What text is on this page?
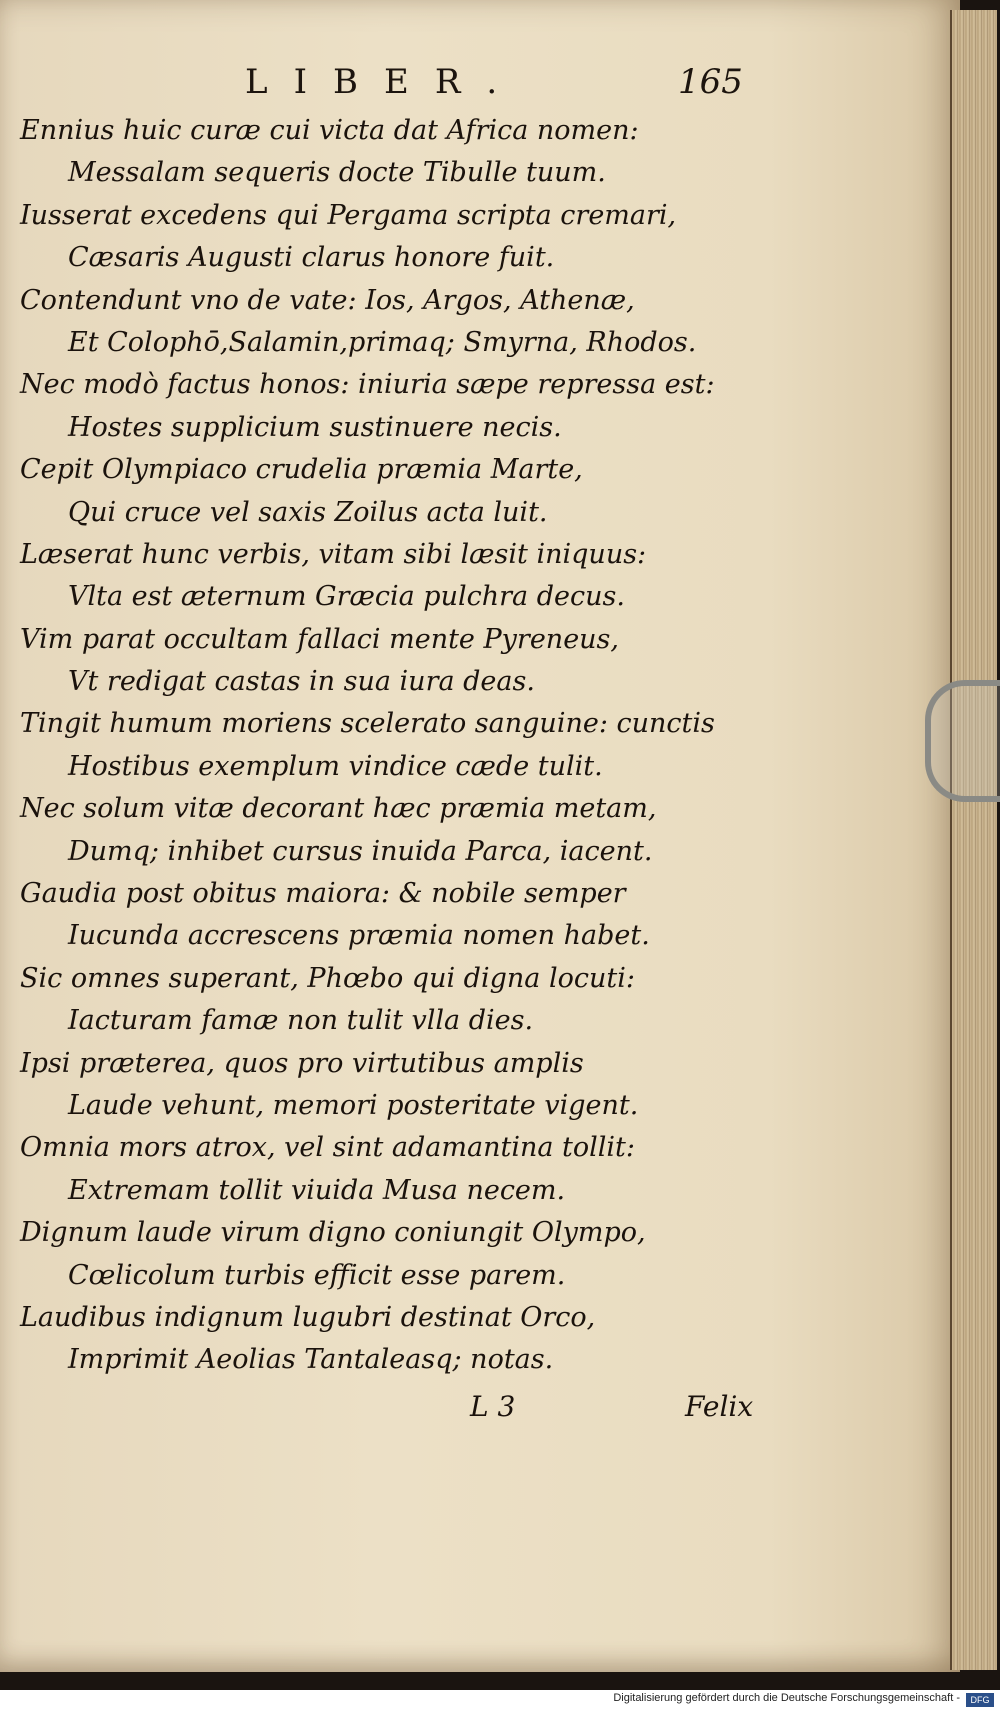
LIBER.	165
Ennius huic curæ cui victa dat Africa nomen:
Messalam sequeris docte Tibulle tuum.
Iusserat excedens qui Pergama scripta cremari,
Cæsaris Augusti clarus honore fuit.
Contendunt vno de vate: Ios, Argos, Athenæ,
Et Colophō,Salamin,primaq; Smyrna, Rhodos.
Nec modò factus honos: iniuria sæpe repressa est:
Hostes supplicium sustinuere necis.
Cepit Olympiaco crudelia præmia Marte,
Qui cruce vel saxis Zoilus acta luit.
Læserat hunc verbis, vitam sibi læsit iniquus:
Vlta est æternum Græcia pulchra decus.
Vim parat occultam fallaci mente Pyreneus,
Vt redigat castas in sua iura deas.
Tingit humum moriens scelerato sanguine: cunctis
Hostibus exemplum vindice cæde tulit.
Nec solum vitæ decorant hæc præmia metam,
Dumq; inhibet cursus inuida Parca, iacent.
Gaudia post obitus maiora: & nobile semper
Iucunda accrescens præmia nomen habet.
Sic omnes superant, Phœbo qui digna locuti:
Iacturam famæ non tulit vlla dies.
Ipsi præterea, quos pro virtutibus amplis
Laude vehunt, memori posteritate vigent.
Omnia mors atrox, vel sint adamantina tollit:
Extremam tollit viuida Musa necem.
Dignum laude virum digno coniungit Olympo,
Cœlicolum turbis efficit esse parem.
Laudibus indignum lugubri destinat Orco,
Imprimit Aeolias Tantaleasq; notas.
L 3	Felix
Digitalisierung gefördert durch die Deutsche Forschungsgemeinschaft -	DFG
